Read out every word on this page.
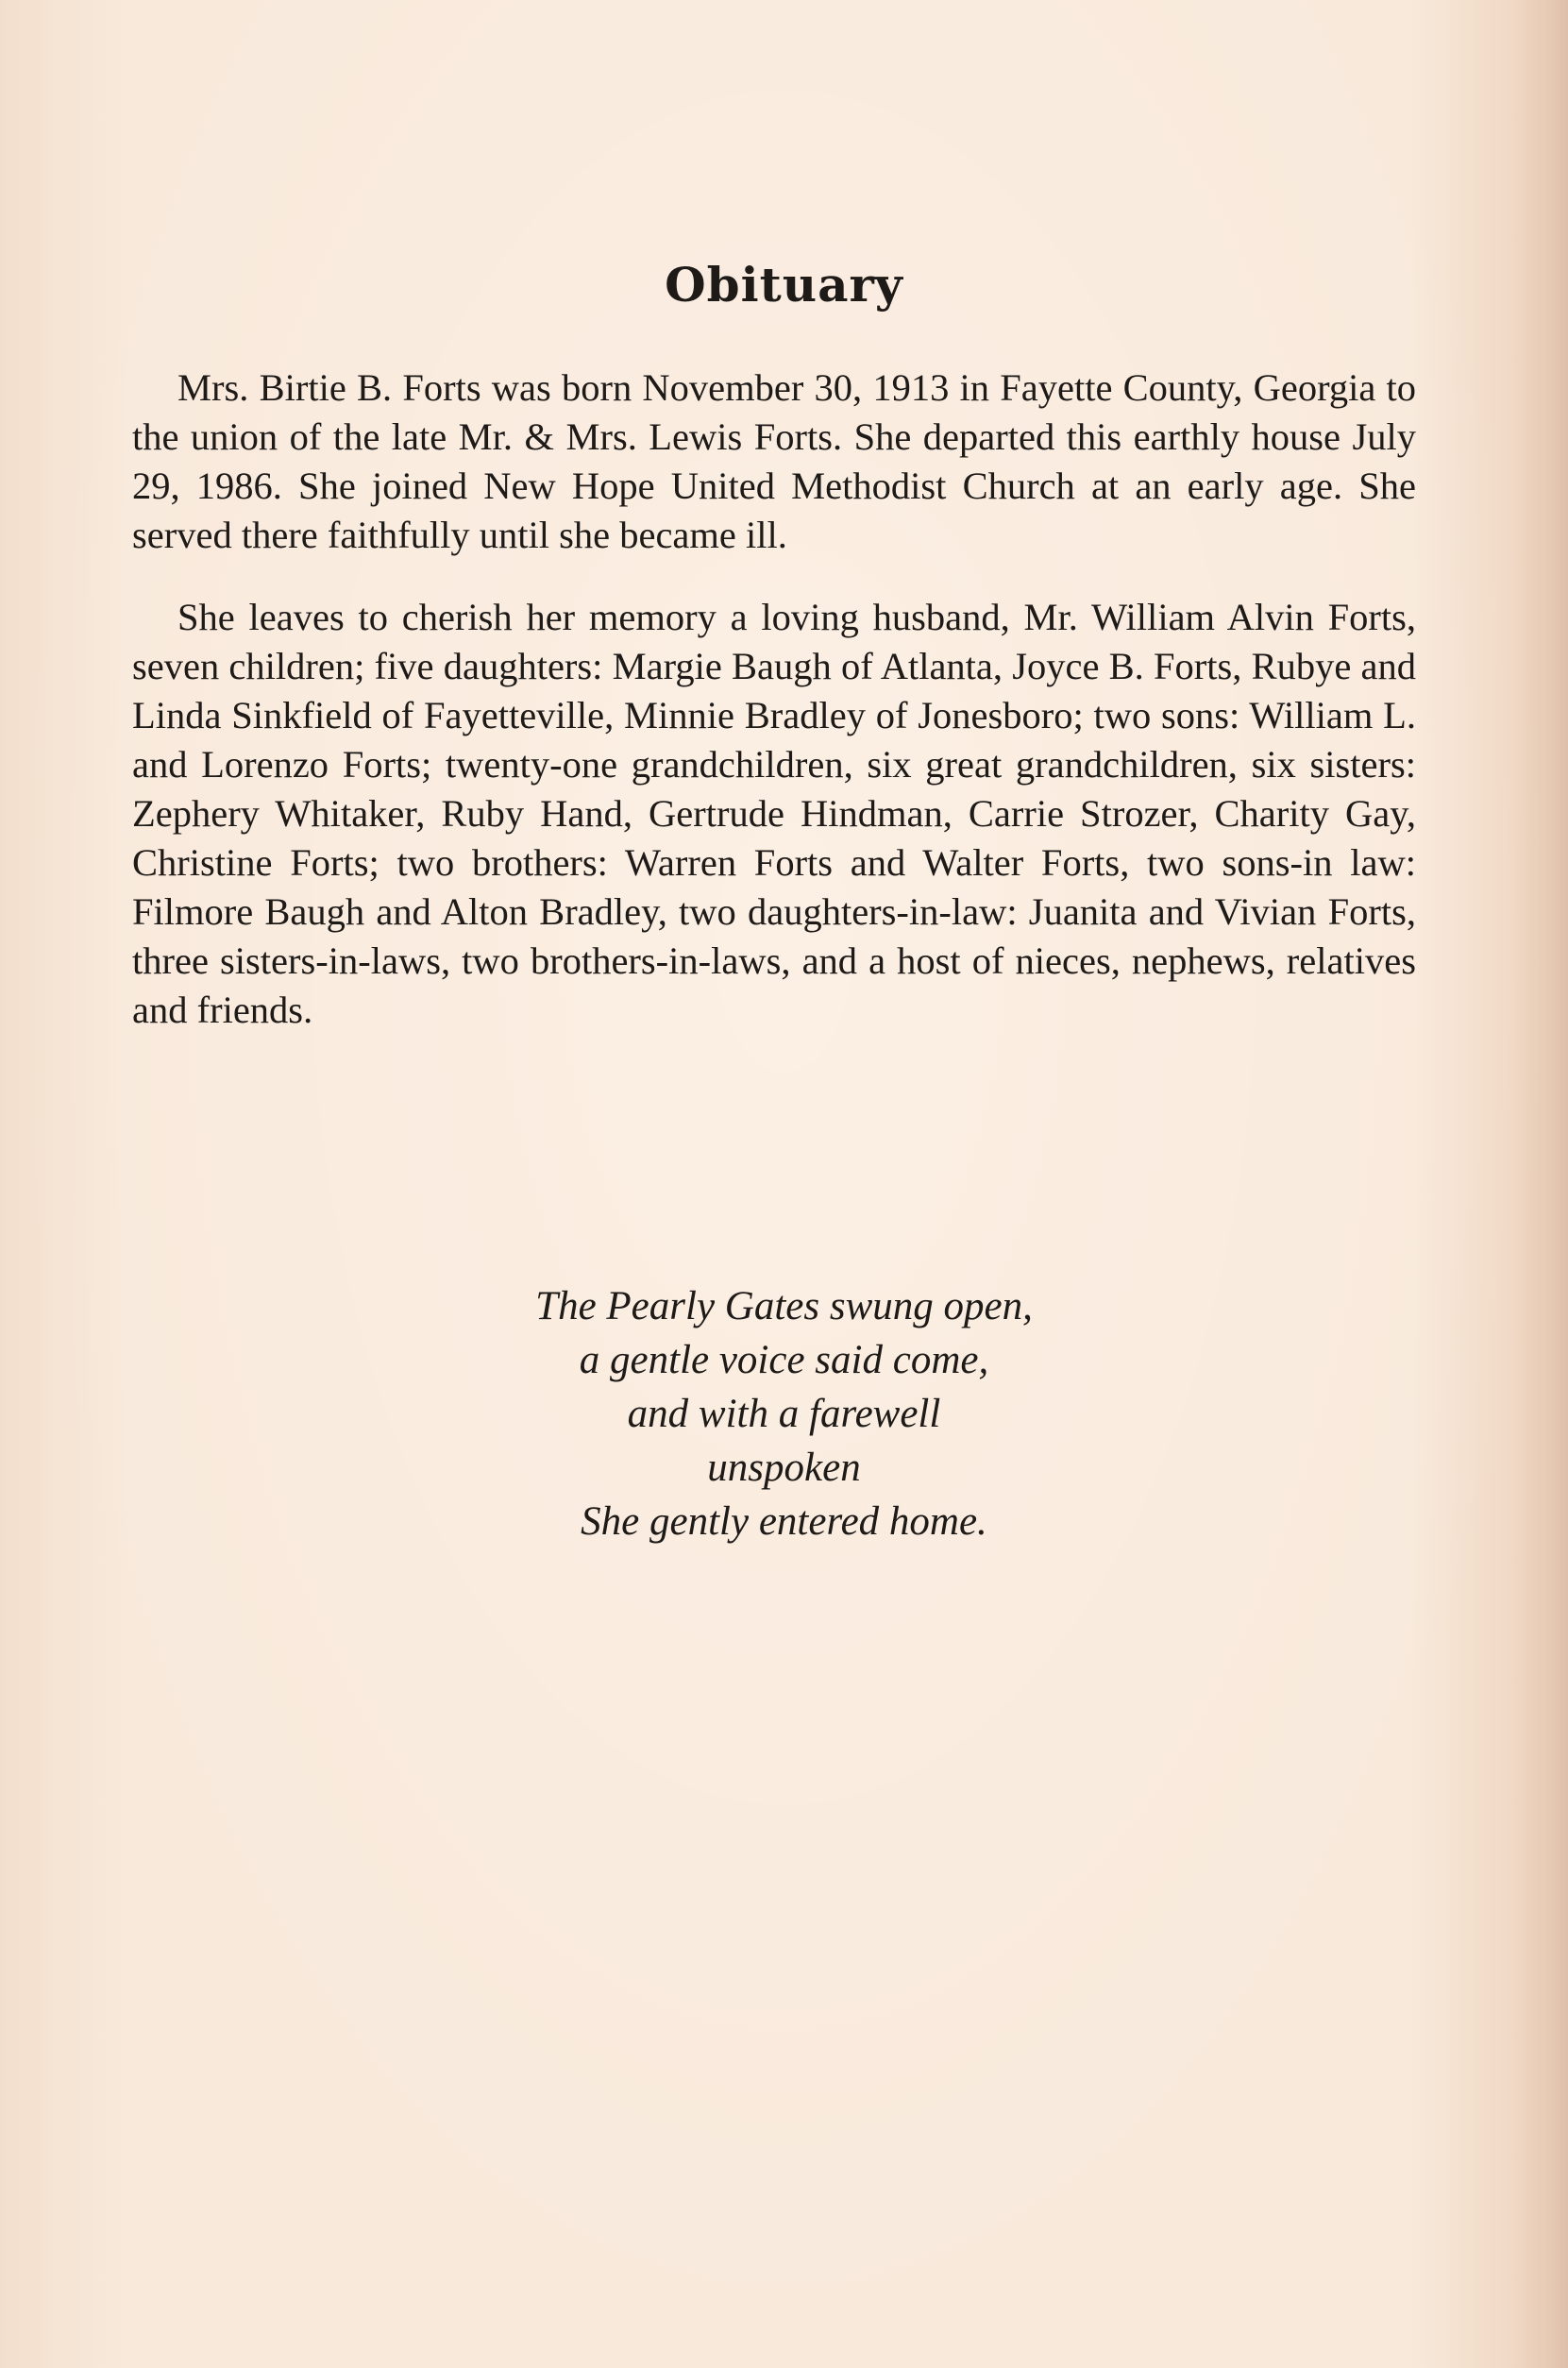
Obituary

Mrs. Birtie B. Forts was born November 30, 1913 in Fayette County, Georgia to the union of the late Mr. & Mrs. Lewis Forts. She departed this earthly house July 29, 1986. She joined New Hope United Methodist Church at an early age. She served there faithfully until she became ill.

She leaves to cherish her memory a loving husband, Mr. William Alvin Forts, seven children; five daughters: Margie Baugh of Atlanta, Joyce B. Forts, Rubye and Linda Sinkfield of Fayetteville, Minnie Bradley of Jonesboro; two sons: William L. and Lorenzo Forts; twenty-one grandchildren, six great grandchildren, six sisters: Zephery Whitaker, Ruby Hand, Gertrude Hindman, Carrie Strozer, Charity Gay, Christine Forts; two brothers: Warren Forts and Walter Forts, two sons-in law: Filmore Baugh and Alton Bradley, two daughters-in-law: Juanita and Vivian Forts, three sisters-in-laws, two brothers-in-laws, and a host of nieces, nephews, relatives and friends.

The Pearly Gates swung open,
a gentle voice said come,
and with a farewell
unspoken
She gently entered home.
